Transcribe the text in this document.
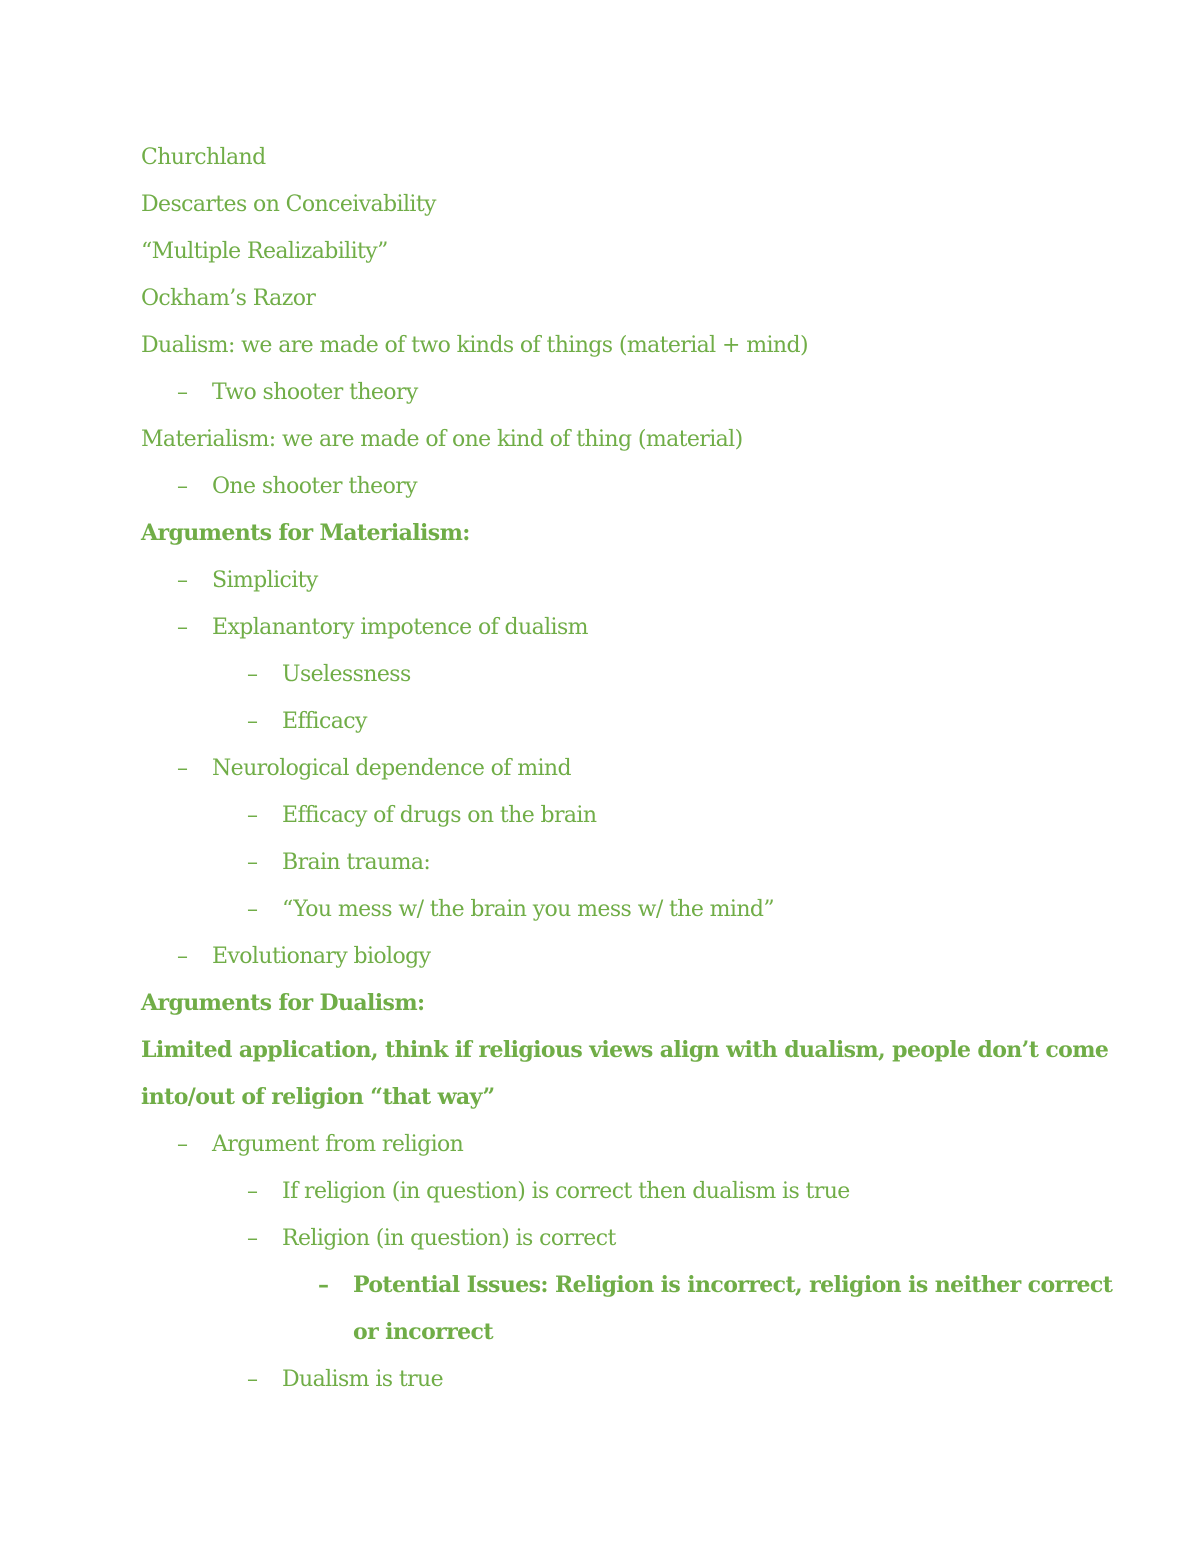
Churchland
Descartes on Conceivability
“Multiple Realizability”
Ockham’s Razor
Dualism: we are made of two kinds of things (material + mind)
– Two shooter theory
Materialism: we are made of one kind of thing (material)
– One shooter theory
Arguments for Materialism:
– Simplicity
– Explanantory impotence of dualism
– Uselessness
– Efficacy
– Neurological dependence of mind
– Efficacy of drugs on the brain
– Brain trauma:
– “You mess w/ the brain you mess w/ the mind”
– Evolutionary biology
Arguments for Dualism:
Limited application, think if religious views align with dualism, people don’t come
into/out of religion “that way”
– Argument from religion
– If religion (in question) is correct then dualism is true
– Religion (in question) is correct
– Potential Issues: Religion is incorrect, religion is neither correct
or incorrect
– Dualism is true
